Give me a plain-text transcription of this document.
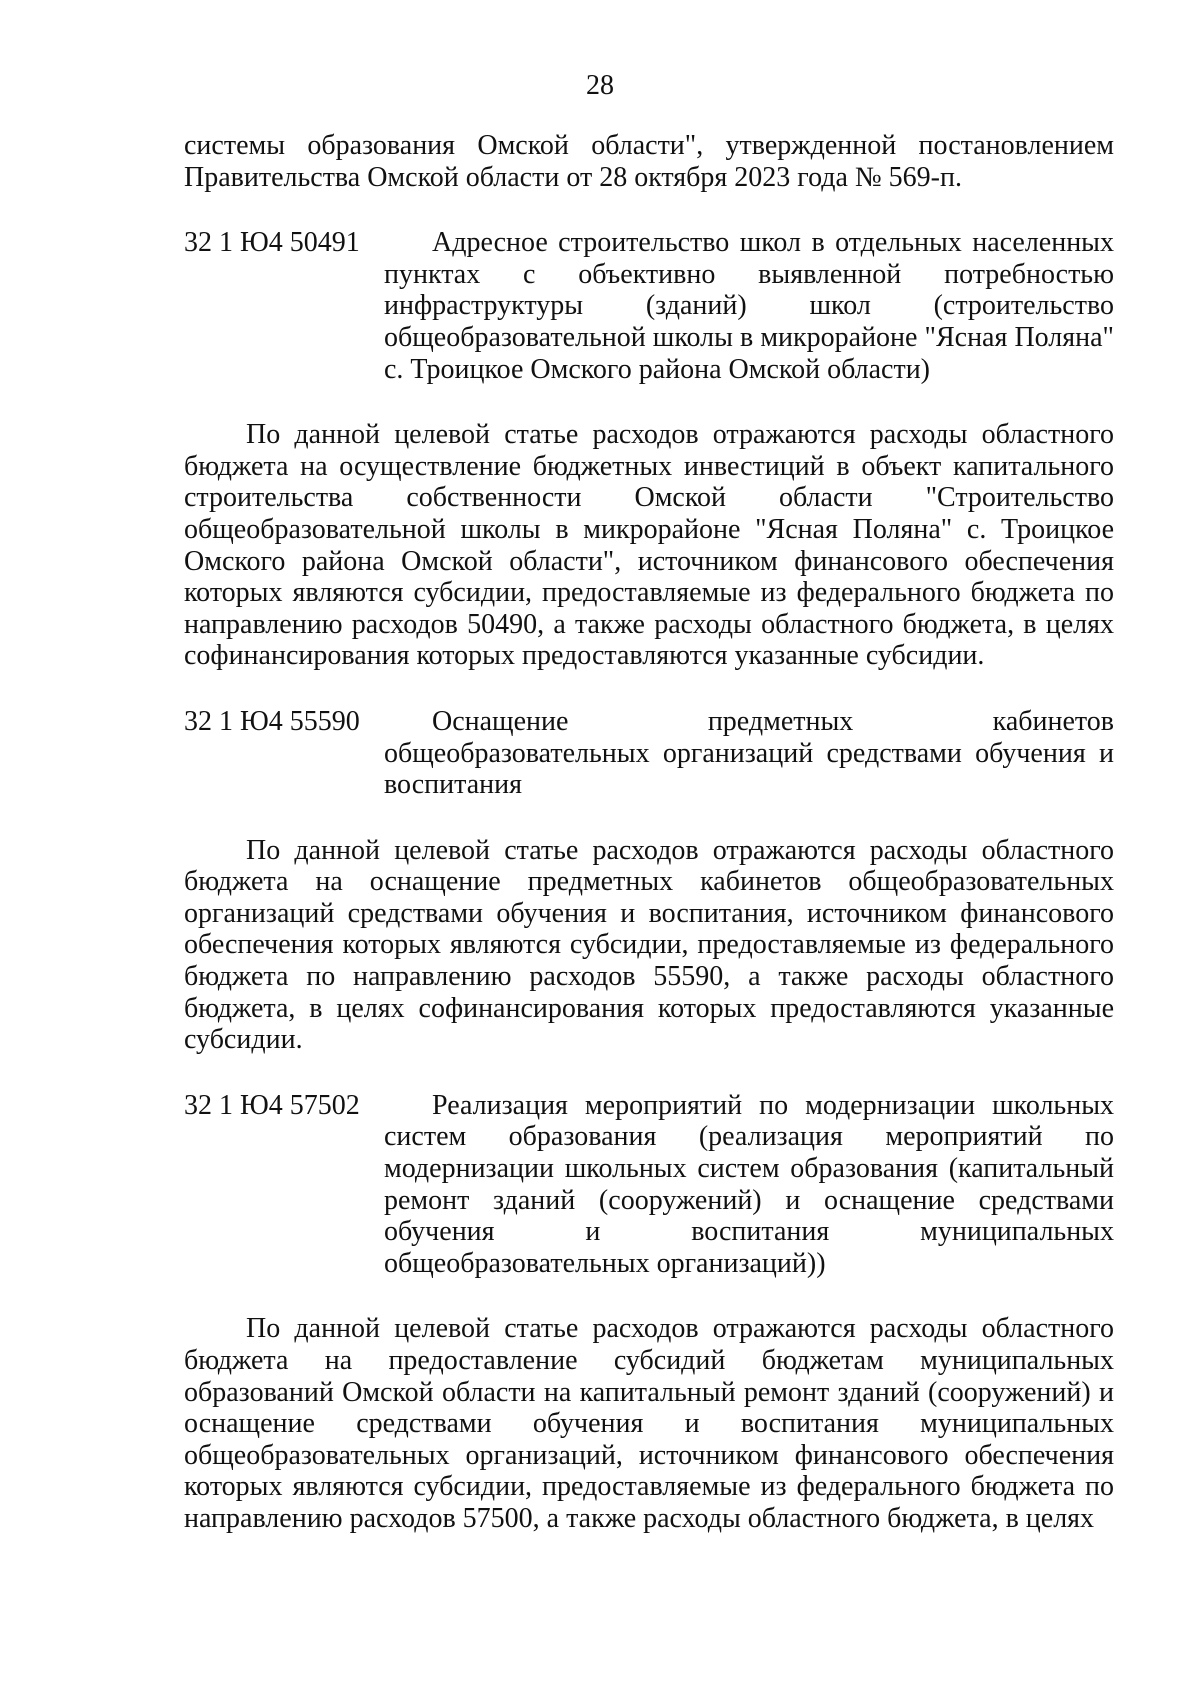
28

системы образования Омской области", утвержденной постановлением Правительства Омской области от 28 октября 2023 года № 569-п.

32 1 Ю4 50491	Адресное строительство школ в отдельных населенных пунктах с объективно выявленной потребностью инфраструктуры (зданий) школ (строительство общеобразовательной школы в микрорайоне "Ясная Поляна" с. Троицкое Омского района Омской области)

По данной целевой статье расходов отражаются расходы областного бюджета на осуществление бюджетных инвестиций в объект капитального строительства собственности Омской области "Строительство общеобразовательной школы в микрорайоне "Ясная Поляна" с. Троицкое Омского района Омской области", источником финансового обеспечения которых являются субсидии, предоставляемые из федерального бюджета по направлению расходов 50490, а также расходы областного бюджета, в целях софинансирования которых предоставляются указанные субсидии.

32 1 Ю4 55590	Оснащение предметных кабинетов общеобразовательных организаций средствами обучения и воспитания

По данной целевой статье расходов отражаются расходы областного бюджета на оснащение предметных кабинетов общеобразовательных организаций средствами обучения и воспитания, источником финансового обеспечения которых являются субсидии, предоставляемые из федерального бюджета по направлению расходов 55590, а также расходы областного бюджета, в целях софинансирования которых предоставляются указанные субсидии.

32 1 Ю4 57502	Реализация мероприятий по модернизации школьных систем образования (реализация мероприятий по модернизации школьных систем образования (капитальный ремонт зданий (сооружений) и оснащение средствами обучения и воспитания муниципальных общеобразовательных организаций))

По данной целевой статье расходов отражаются расходы областного бюджета на предоставление субсидий бюджетам муниципальных образований Омской области на капитальный ремонт зданий (сооружений) и оснащение средствами обучения и воспитания муниципальных общеобразовательных организаций, источником финансового обеспечения которых являются субсидии, предоставляемые из федерального бюджета по направлению расходов 57500, а также расходы областного бюджета, в целях
